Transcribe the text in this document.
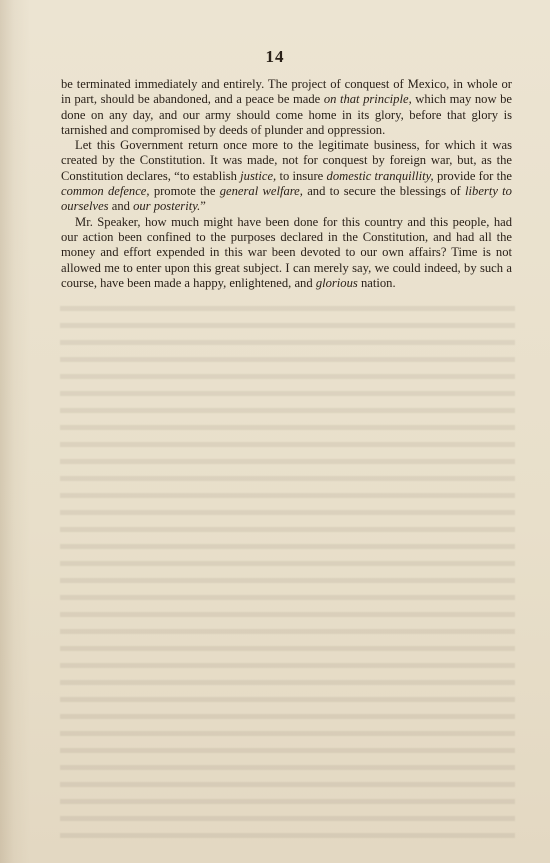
14

be terminated immediately and entirely. The project of conquest of Mexico, in whole or in part, should be abandoned, and a peace be made on that principle, which may now be done on any day, and our army should come home in its glory, before that glory is tarnished and compromised by deeds of plunder and oppression.

Let this Government return once more to the legitimate business, for which it was created by the Constitution. It was made, not for conquest by foreign war, but, as the Constitution declares, “to establish justice, to insure domestic tranquillity, provide for the common defence, promote the general welfare, and to secure the blessings of liberty to ourselves and our posterity.”

Mr. Speaker, how much might have been done for this country and this people, had our action been confined to the purposes declared in the Constitution, and had all the money and effort expended in this war been devoted to our own affairs? Time is not allowed me to enter upon this great subject. I can merely say, we could indeed, by such a course, have been made a happy, enlightened, and glorious nation.
